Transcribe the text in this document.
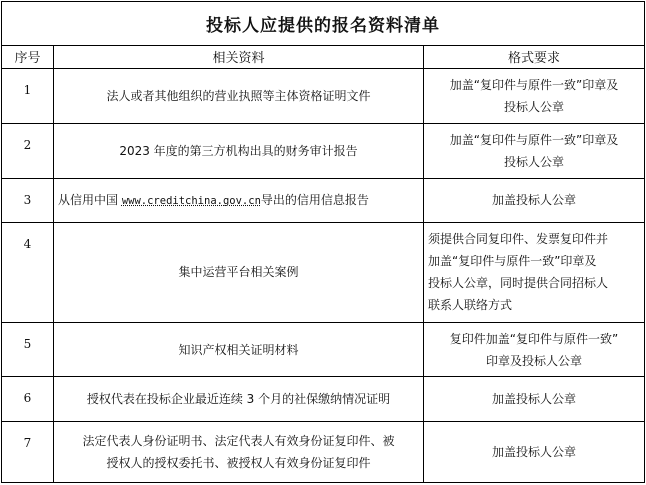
投标人应提供的报名资料清单		
序号	相关资料	格式要求
1	法人或者其他组织的营业执照等主体资格证明文件	加盖“复印件与原件一致”印章及
投标人公章

2	2023 年度的第三方机构出具的财务审计报告	加盖“复印件与原件一致”印章及
投标人公章

3	从信用中国 www.creditchina.gov.cn导出的信用信息报告	加盖投标人公章

4	集中运营平台相关案例	须提供合同复印件、发票复印件并
加盖“复印件与原件一致”印章及
投标人公章，同时提供合同招标人
联系人联络方式

5	知识产权相关证明材料	复印件加盖“复印件与原件一致”
印章及投标人公章

6	授权代表在投标企业最近连续 3 个月的社保缴纳情况证明	加盖投标人公章

7	法定代表人身份证明书、法定代表人有效身份证复印件、被
授权人的授权委托书、被授权人有效身份证复印件	加盖投标人公章
